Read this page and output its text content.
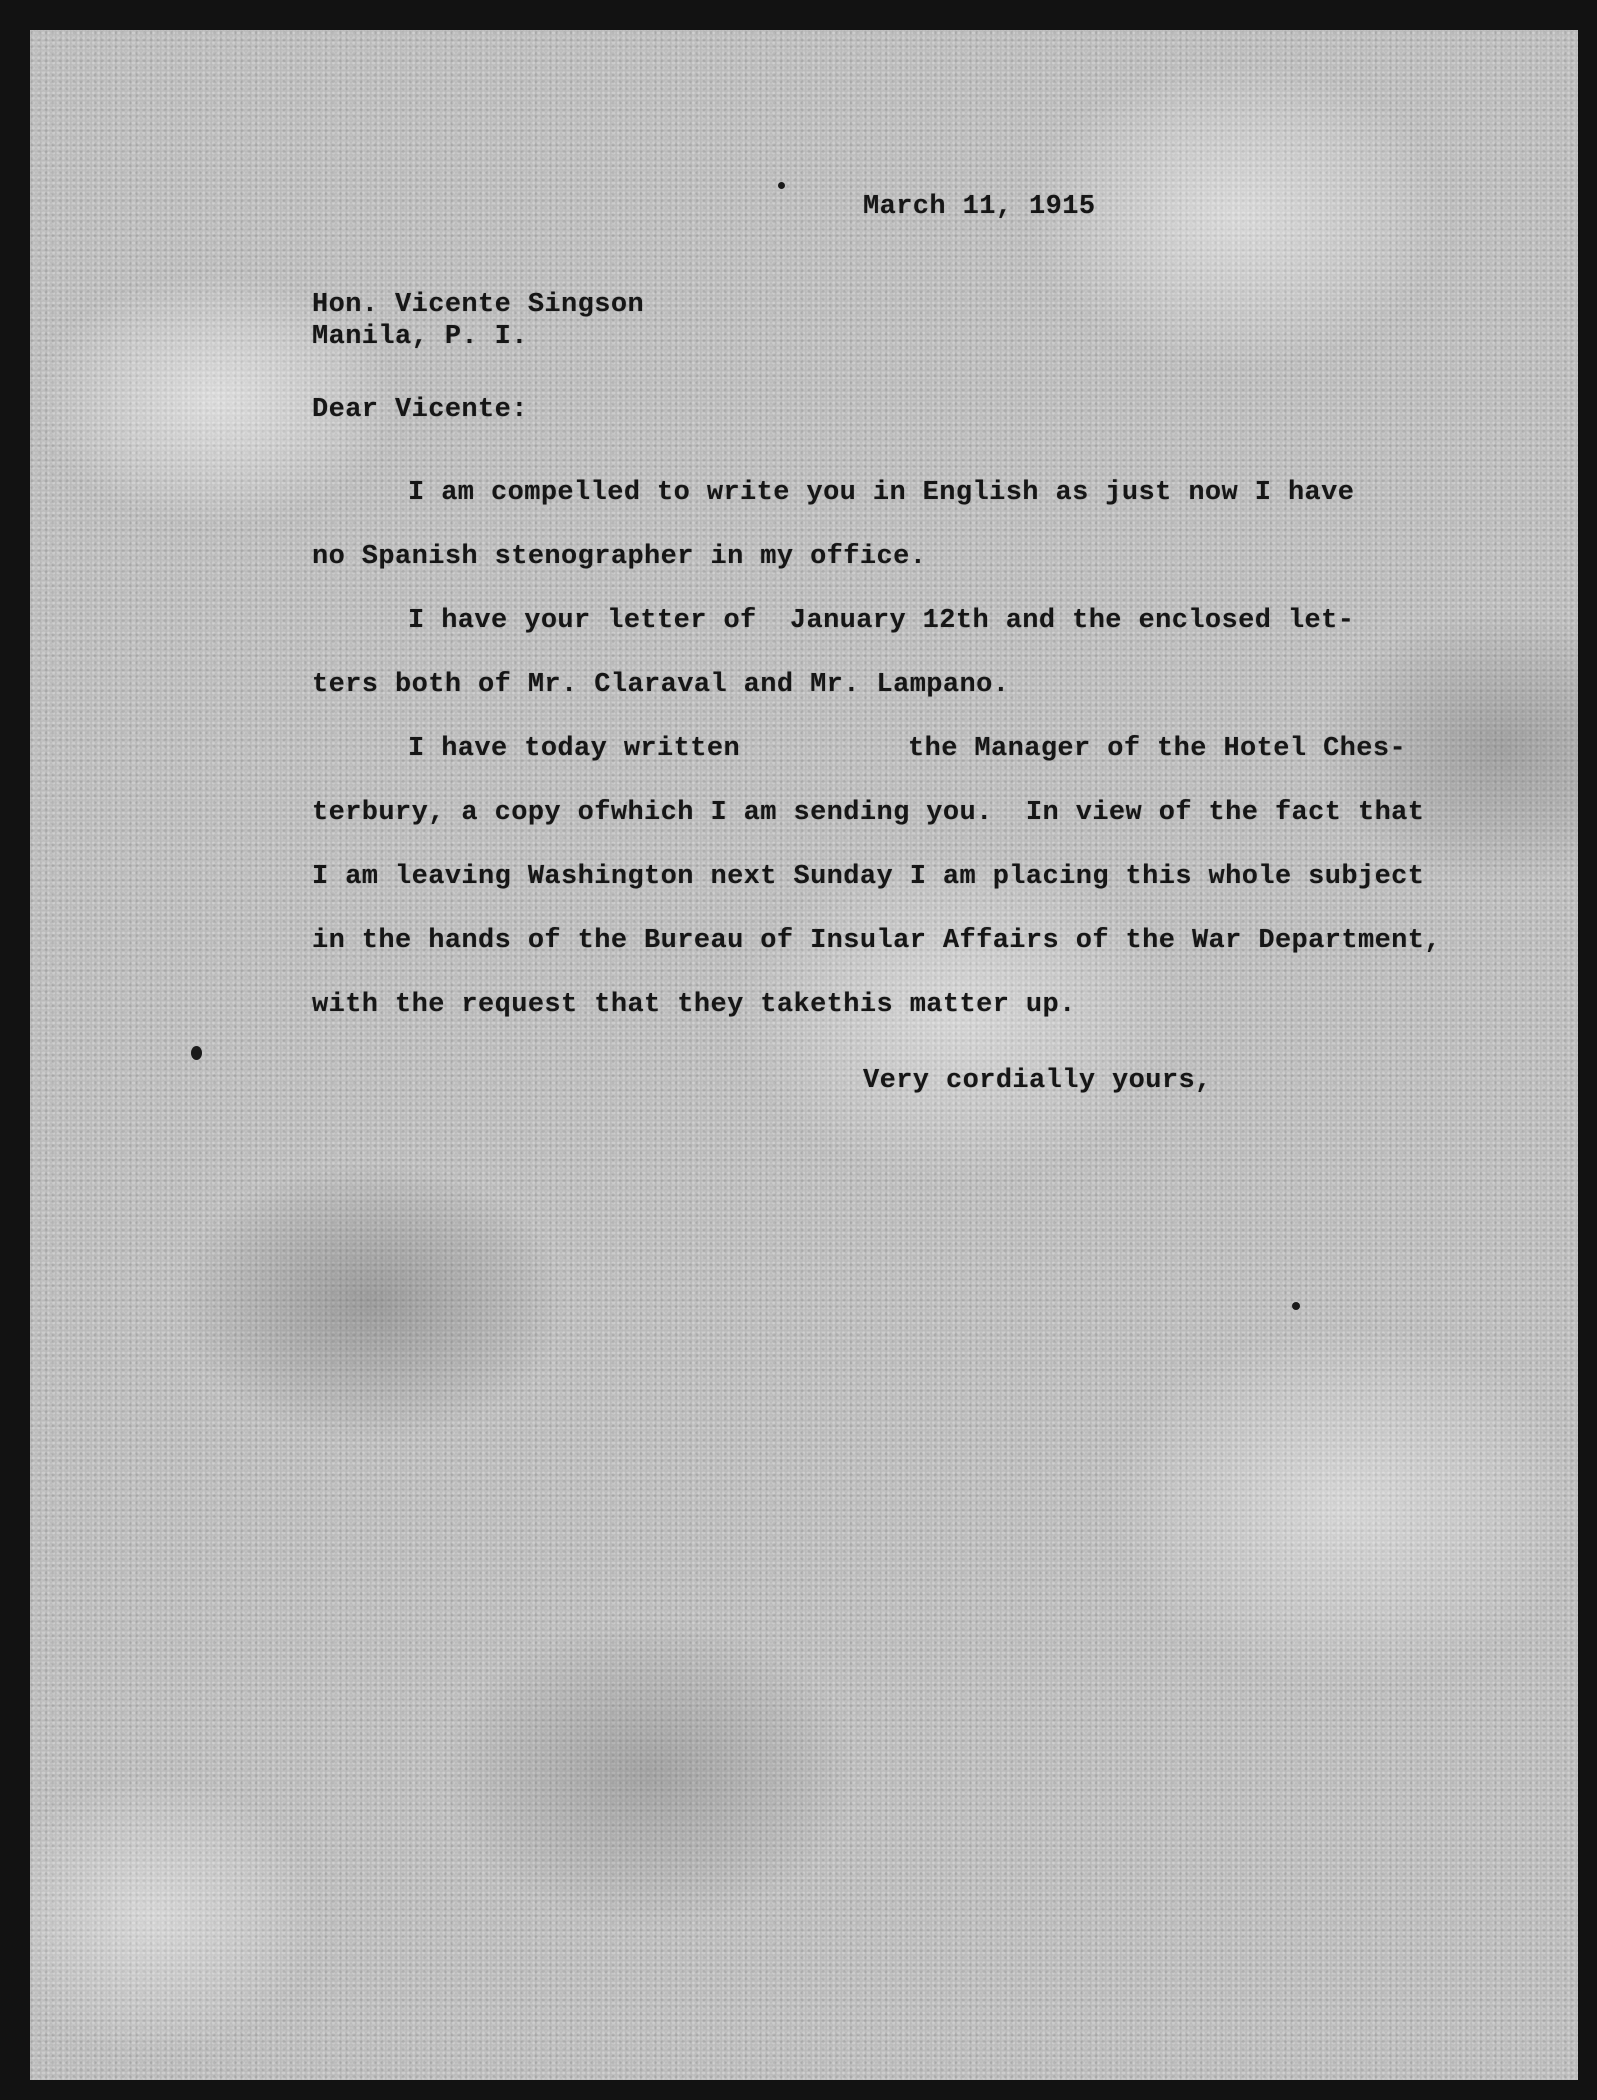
March 11, 1915

Hon. Vicente Singson

Manila, P. I.

Dear Vicente:

I am compelled to write you in English as just now I have

no Spanish stenographer in my office.

I have your letter of  January 12th and the enclosed let-

ters both of Mr. Claraval and Mr. Lampano.

I have today written	the Manager of the Hotel Ches-

terbury, a copy ofwhich I am sending you.  In view of the fact that

I am leaving Washington next Sunday I am placing this whole subject

in the hands of the Bureau of Insular Affairs of the War Department,

with the request that they takethis matter up.

Very cordially yours,
